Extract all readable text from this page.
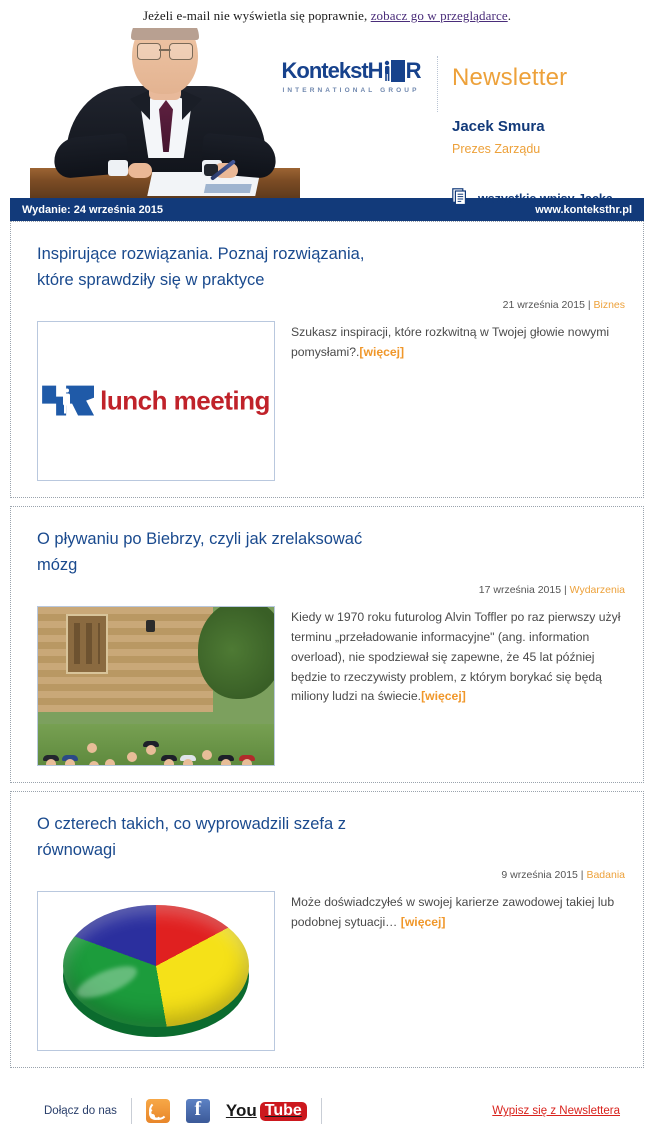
Jeżeli e-mail nie wyświetla się poprawnie, zobacz go w przeglądarce.
KontekstH R
INTERNATIONAL GROUP	Newsletter
Jacek Smura
Prezes Zarządu
wszystkie wpisy Jacka
Wydanie: 24 września 2015	www.konteksthr.pl
Inspirujące rozwiązania. Poznaj rozwiązania, które sprawdziły się w praktyce
21 września 2015 | Biznes
lunch meeting
Szukasz inspiracji, które rozkwitną w Twojej głowie nowymi pomysłami?.[więcej]
O pływaniu po Biebrzy, czyli jak zrelaksować mózg
17 września 2015 | Wydarzenia
Kiedy w 1970 roku futurolog Alvin Toffler po raz pierwszy użył terminu „przeładowanie informacyjne" (ang. information overload), nie spodziewał się zapewne, że 45 lat później będzie to rzeczywisty problem, z którym borykać się będą miliony ludzi na świecie.[więcej]
O czterech takich, co wyprowadzili szefa z równowagi
9 września 2015 | Badania
Może doświadczyłeś w swojej karierze zawodowej takiej lub podobnej sytuacji… [więcej]
Dołącz do nas f	You Tube	Wypisz się z Newslettera
